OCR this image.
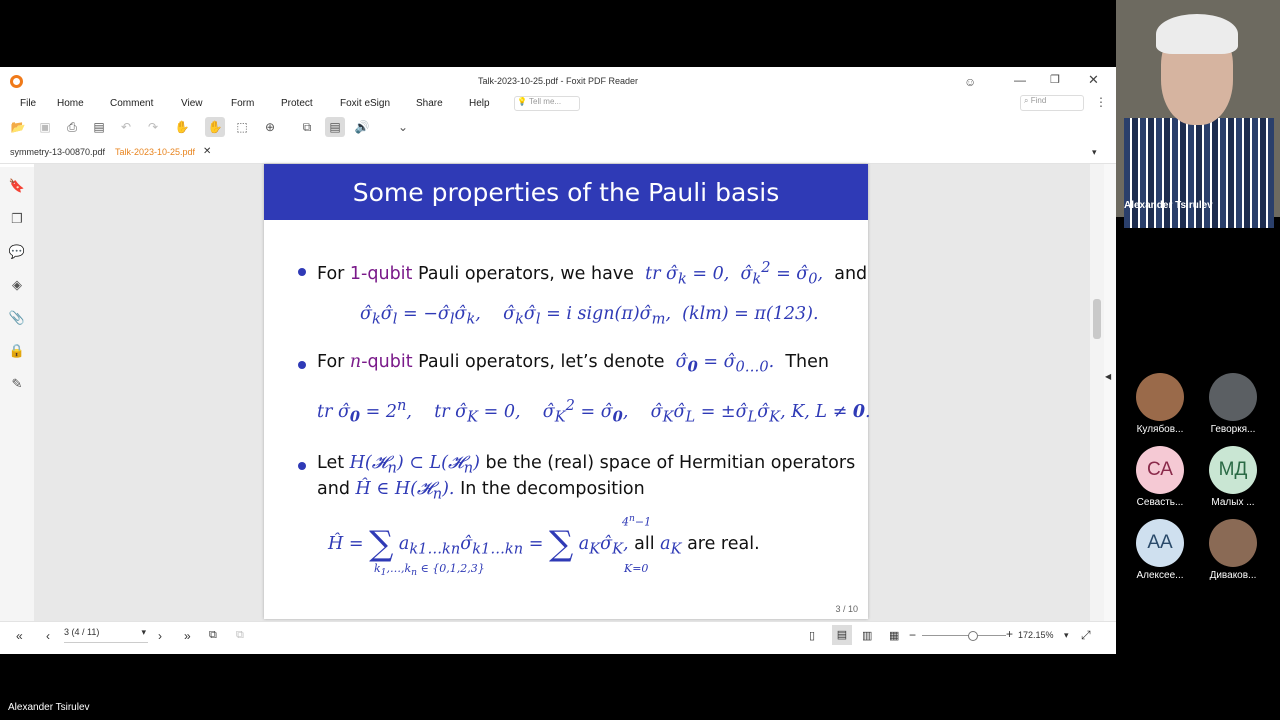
Talk-2023-10-25.pdf - Foxit PDF Reader	☺	— ❐ ✕
File Home	Comment	View	Form	Protect	Foxit eSign	Share	Help	💡 Tell me...	⌕ Find	⋮
📂	▣	⎙	▤	↶	↷	✋ ✋	⬚	⊕	⧉	▤	🔊	⌄
symmetry-13-00870.pdf Talk-2023-10-25.pdf ✕	▾
🔖
❐
💬
◈
📎
🔒
✎
Some properties of the Pauli basis
For 1-qubit Pauli operators, we have  tr $\sigmâ_k = 0$,  $\sigmâ_k^2$ = $\sigmâ_0$,  and
$\sigmâ_k\sigmâ_l$ = $-\sigmâ_l\sigmâ_k$,    $\sigmâ_k\sigmâ_l = i$ $sign(\pi)\sigmâ_m$,  (klm) = π(123).
For n-qubit Pauli operators, let’s denote  $\sigmâ_0$ = $\sigmâ_{0\dots 0}$.  Then
tr $\sigmâ_0 = 2^n$,    tr $\sigmâ_K = 0$,    $\sigmâ_K^2$ = $\sigmâ_0$,    $\sigmâ_K\sigmâ_L$ = $\pm\sigmâ_L\sigmâ_K$, K, L ≠ 0.
Let H(𝓗$_n$) ⊂ L(𝓗$_n$) be the (real) space of Hermitian operators
and Ĥ ∈ H(𝓗$_n$). In the decomposition
Ĥ = ∑ $a_{k1\dots kn}\sigmâ_{k1\dots kn}$ = ∑ $a_K\sigmâ_K$, all $a_K$ are real.
$k_1,\dots,k_n$ ∈ {0,1,2,3}
$4^n-1$
K=0
3 / 10
◀
« ‹ 3 (4 / 11)	▾ › » ⧉ ⧉	▯	▤	▥ ▦ −	+ 172.15% ▾ ⤢
Alexander Tsirulev
Кулябов...	Геворкя...
СА
Севасть...
МД
Малых ...
АА
Алексее...	Диваков...
Alexander Tsirulev
